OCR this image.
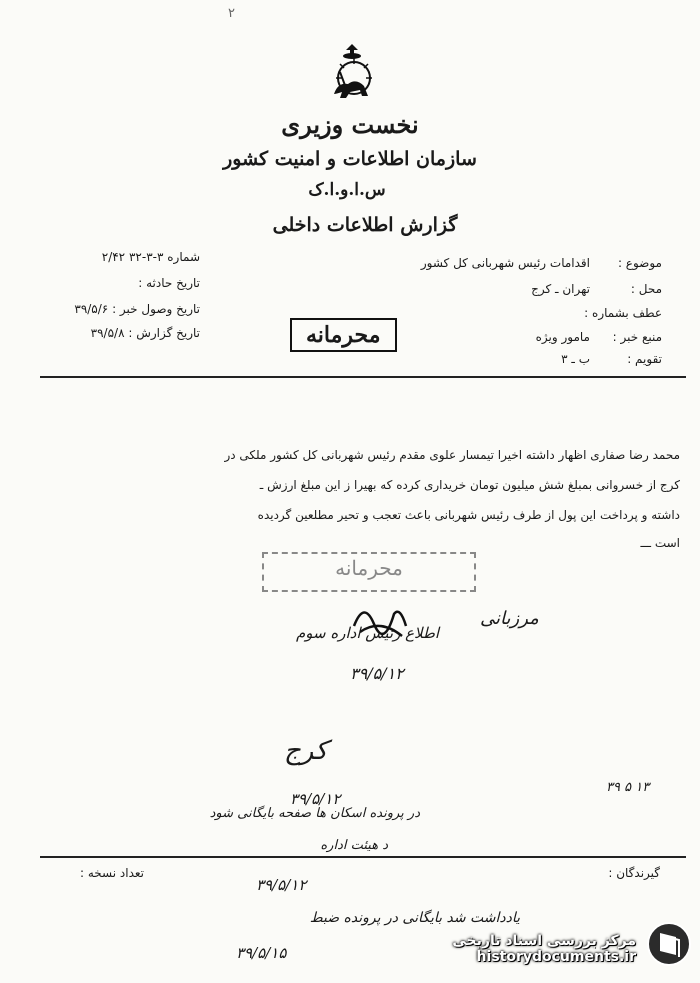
۲
نخست وزیری
سازمان اطلاعات و امنیت کشور
س.ا.و.ا.ک
گزارش اطلاعات داخلی
شماره ۳-۳-۳۲ ۲/۴۲
تاریخ حادثه :
تاریخ وصول خبر : ۳۹/۵/۶
تاریخ گزارش : ۳۹/۵/۸
موضوع :
اقدامات رئیس شهربانی کل کشور
محل :
تهران ـ کرج
عطف بشماره :
منبع خبر :
مامور ویژه
تقویم :
ب ـ ۳
محرمانه
محمد رضا صفاری اظهار داشته اخیرا تیمسار علوی مقدم رئیس شهربانی کل کشور ملکی در
کرج از خسروانی بمبلغ شش میلیون تومان خریداری کرده که بهیرا ز این مبلغ ارزش ـ
داشته و پرداخت این پول از طرف رئیس شهربانی باعث تعجب و تحیر مطلعین گردیده
است ـــ
محرمانه
مرزبانی
اطلاع رئیس اداره سوم
۳۹/۵/۱۲
کرج
۳۹/۵/۱۲
در پرونده اسکان ها صفحه بایگانی شود
د هیئت اداره
۳۹ ۵ ۱۳
گیرندگان :
تعداد نسخه :
۳۹/۵/۱۲
یادداشت شد بایگانی در پرونده ضبط
۳۹/۵/۱۵
مرکز بررسی اسناد تاریخی
historydocuments.ir
